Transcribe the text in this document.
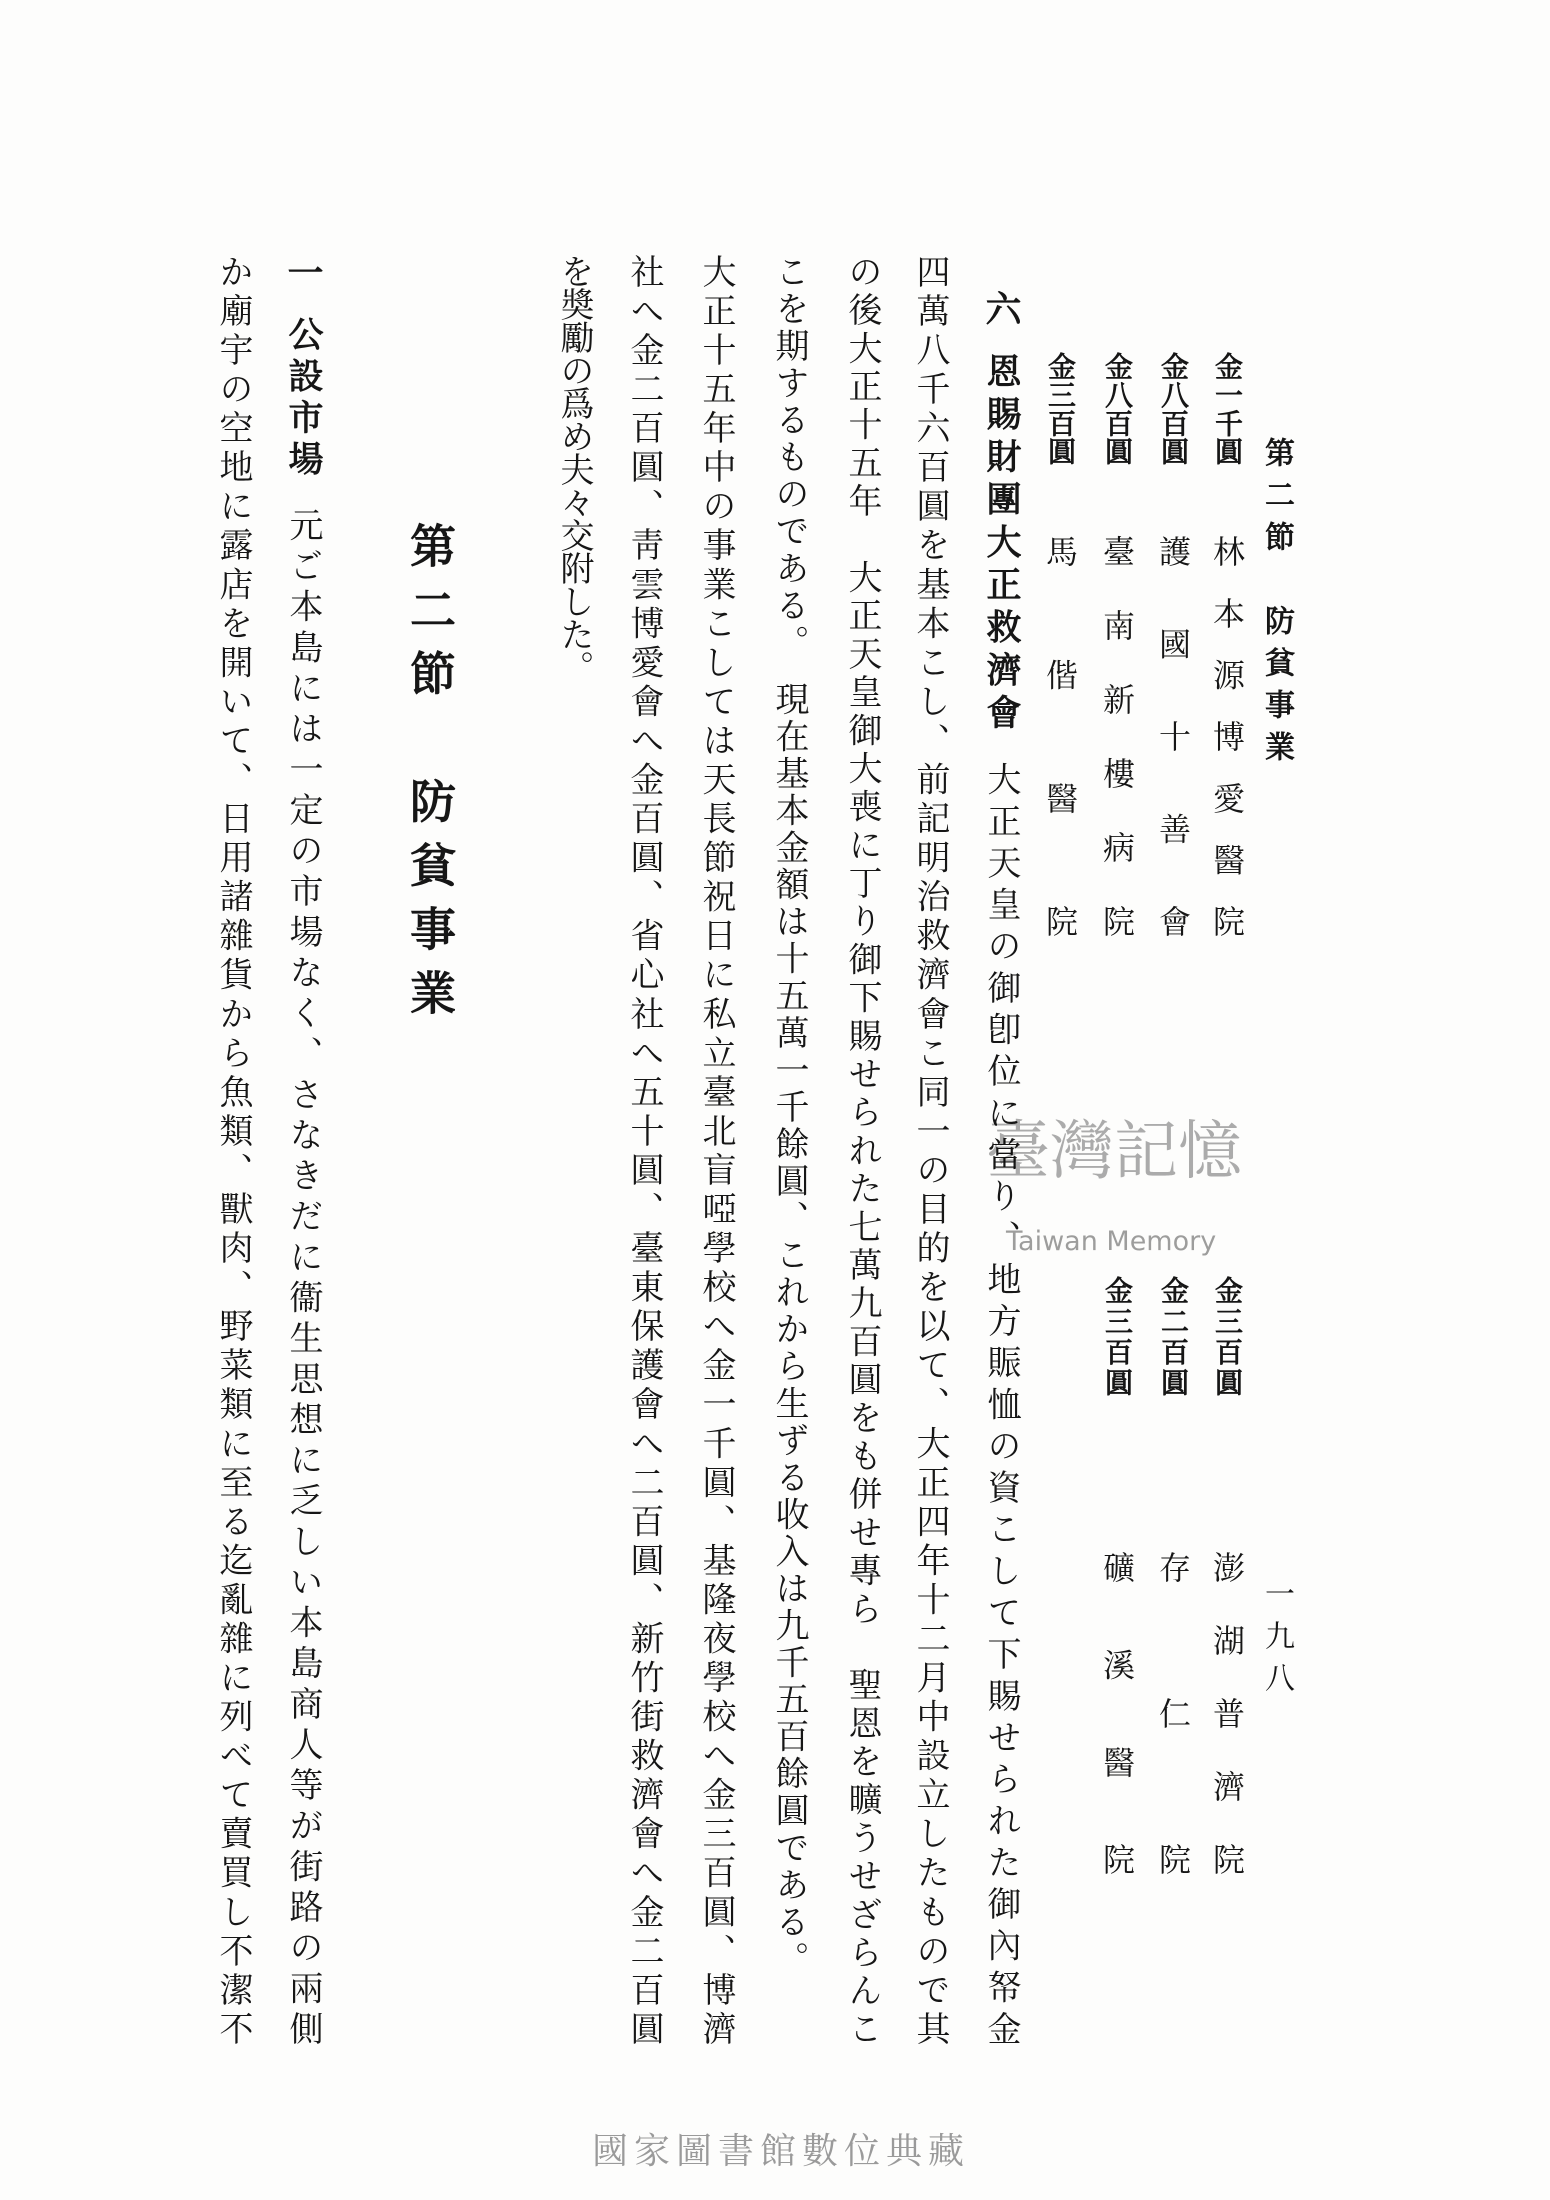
第二節　防貧事業
一九八
金一千圓
林本源博愛醫院
金八百圓
護國十善會
金八百圓
臺南新樓病院
金三百圓
馬偕醫院
金三百圓
澎湖普濟院
金二百圓
存仁院
金三百圓
礦溪醫院
六恩賜財團大正救濟會大正天皇の御卽位に當り、地方賑恤の資こして下賜せられた御內帑金
四萬八千六百圓を基本こし、前記明治救濟會こ同一の目的を以て、大正四年十二月中設立したもので其
の後大正十五年　大正天皇御大喪に丁り御下賜せられた七萬九百圓をも併せ專ら　聖恩を曠うせざらんこ
こを期するものである。　現在基本金額は十五萬一千餘圓、これから生ずる收入は九千五百餘圓である。
大正十五年中の事業こしては天長節祝日に私立臺北盲啞學校へ金一千圓、基隆夜學校へ金三百圓、博濟
社へ金二百圓、靑雲博愛會へ金百圓、省心社へ五十圓、臺東保護會へ二百圓、新竹街救濟會へ金二百圓
を奬勵の爲め夫々交附した。
第二節　防貧事業
一公設市場元ご本島には一定の市場なく、さなきだに衞生思想に乏しい本島商人等が街路の兩側
か廟宇の空地に露店を開いて、日用諸雜貨から魚類、獸肉、野菜類に至る迄亂雜に列べて賣買し不潔不	臺灣記憶
Taiwan Memory
國家圖書館數位典藏
